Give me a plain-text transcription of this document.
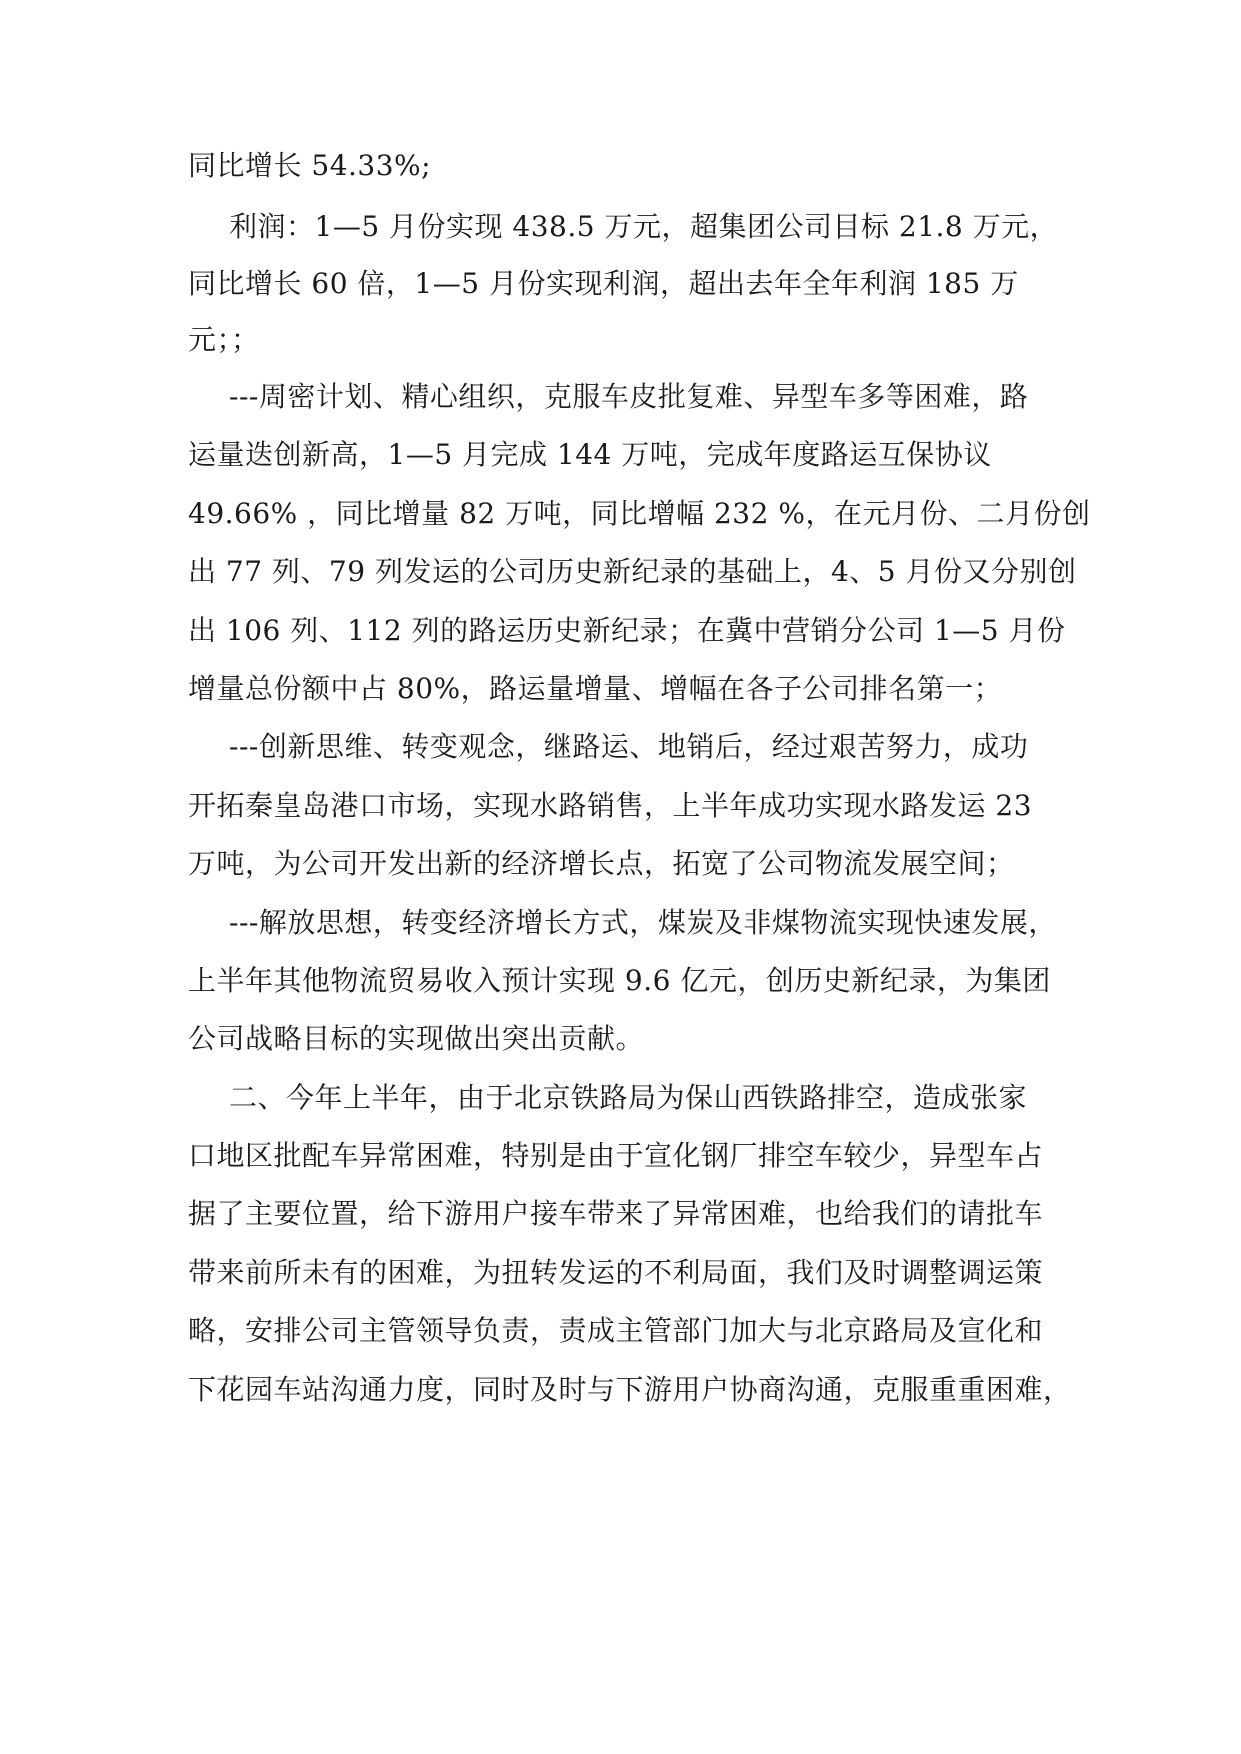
同比增长 54.33%;
利润：1—5 月份实现 438.5 万元，超集团公司目标 21.8 万元，
同比增长 60 倍，1—5 月份实现利润，超出去年全年利润 185 万
元；；
---周密计划、精心组织，克服车皮批复难、异型车多等困难，路
运量迭创新高，1—5 月完成 144 万吨，完成年度路运互保协议
49.66% ，同比增量 82 万吨，同比增幅 232 %，在元月份、二月份创
出 77 列、79 列发运的公司历史新纪录的基础上，4、5 月份又分别创
出 106 列、112 列的路运历史新纪录；在冀中营销分公司 1—5 月份
增量总份额中占 80%，路运量增量、增幅在各子公司排名第一；
---创新思维、转变观念，继路运、地销后，经过艰苦努力，成功
开拓秦皇岛港口市场，实现水路销售，上半年成功实现水路发运 23
万吨，为公司开发出新的经济增长点，拓宽了公司物流发展空间；
---解放思想，转变经济增长方式，煤炭及非煤物流实现快速发展，
上半年其他物流贸易收入预计实现 9.6 亿元，创历史新纪录，为集团
公司战略目标的实现做出突出贡献。
二、今年上半年，由于北京铁路局为保山西铁路排空，造成张家
口地区批配车异常困难，特别是由于宣化钢厂排空车较少，异型车占
据了主要位置，给下游用户接车带来了异常困难，也给我们的请批车
带来前所未有的困难，为扭转发运的不利局面，我们及时调整调运策
略，安排公司主管领导负责，责成主管部门加大与北京路局及宣化和
下花园车站沟通力度，同时及时与下游用户协商沟通，克服重重困难，
